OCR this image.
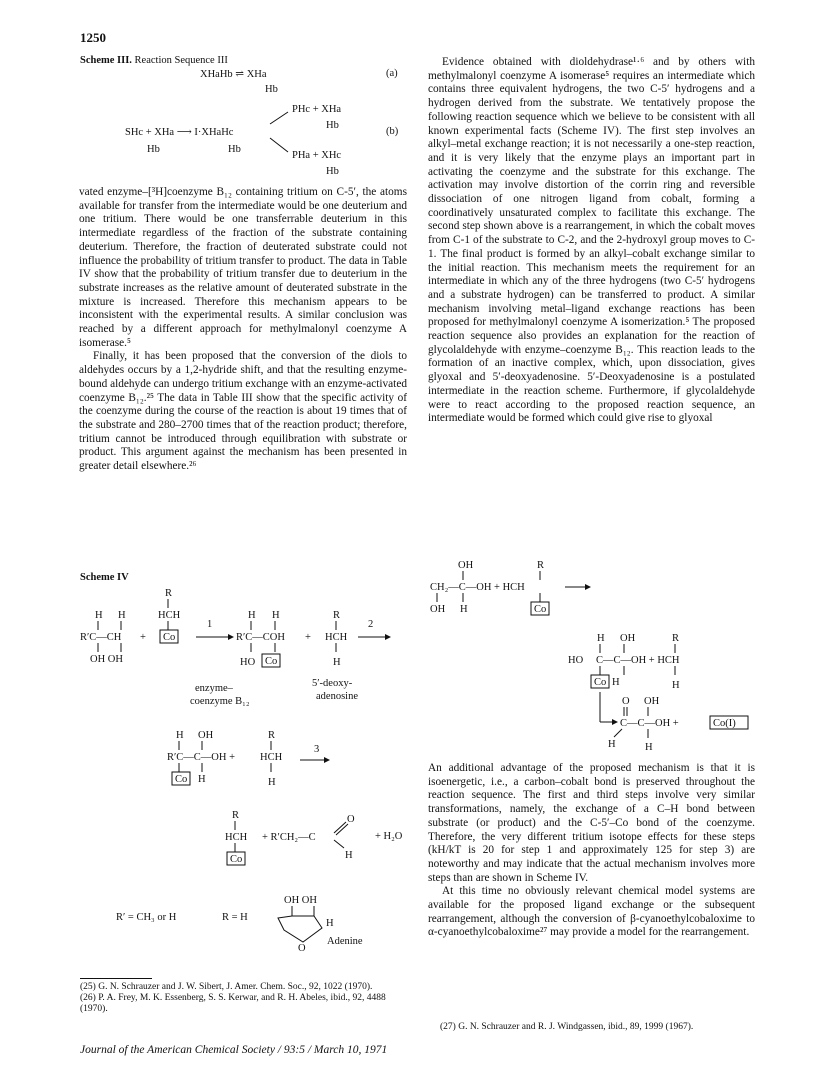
1250
Scheme III. Reaction Sequence III
XHaHb ⇌ XHa
Hb
(a)
PHc + XHa
Hb
SHc + XHa ⟶ I·XHaHc
Hb	Hb
(b)
PHa + XHc
Hb

vated enzyme–[³H]coenzyme B₁₂ containing tritium on C-5′, the atoms available for transfer from the intermediate would be one deuterium and one tritium. There would be one transferrable deuterium in this intermediate regardless of the fraction of the substrate containing deuterium. Therefore, the fraction of deuterated substrate could not influence the probability of tritium transfer to product. The data in Table IV show that the probability of tritium transfer due to deuterium in the substrate increases as the relative amount of deuterated substrate in the mixture is increased. Therefore this mechanism appears to be inconsistent with the experimental results. A similar conclusion was reached by a different approach for methylmalonyl coenzyme A isomerase.⁵

Finally, it has been proposed that the conversion of the diols to aldehydes occurs by a 1,2-hydride shift, and that the resulting enzyme-bound aldehyde can undergo tritium exchange with an enzyme-activated coenzyme B₁₂.²⁵ The data in Table III show that the specific activity of the coenzyme during the course of the reaction is about 19 times that of the substrate and 280–2700 times that of the reaction product; therefore, tritium cannot be introduced through equilibration with substrate or product. This argument against the mechanism has been presented in greater detail elsewhere.²⁶

Scheme IV
H H
R′C—CH
OH OH
+
R
HCH
Co
1
H H
R′C—COH
HO Co
+
R
HCH
H
2
H OH
R′C—C—OH +
Co H
R
HCH
H
3
R
HCH
Co
+ R′CH₂—C
O
H
OH OH
O
H
enzyme–
coenzyme B₁₂
5′-deoxy-
adenosine
R′ = CH₃ or H	R = H
Adenine
+ H₂O
(25) G. N. Schrauzer and J. W. Sibert, J. Amer. Chem. Soc., 92, 1022 (1970).
(26) P. A. Frey, M. K. Essenberg, S. S. Kerwar, and R. H. Abeles, ibid., 92, 4488 (1970).

Evidence obtained with dioldehydrase¹·⁶ and by others with methylmalonyl coenzyme A isomerase⁵ requires an intermediate which contains three equivalent hydrogens, the two C-5′ hydrogens and a hydrogen derived from the substrate. We tentatively propose the following reaction sequence which we believe to be consistent with all known experimental facts (Scheme IV). The first step involves an alkyl–metal exchange reaction; it is not necessarily a one-step reaction, and it is very likely that the enzyme plays an important part in activating the coenzyme and the substrate for this exchange. The activation may involve distortion of the corrin ring and reversible dissociation of one nitrogen ligand from cobalt, forming a coordinatively unsaturated complex to facilitate this exchange. The second step shown above is a rearrangement, in which the cobalt moves from C-1 of the substrate to C-2, and the 2-hydroxyl group moves to C-1. The final product is formed by an alkyl–cobalt exchange similar to the initial reaction. This mechanism meets the requirement for an intermediate in which any of the three hydrogens (two C-5′ hydrogens and a substrate hydrogen) can be transferred to product. A similar mechanism involving metal–ligand exchange reactions has been proposed for methylmalonyl coenzyme A isomerization.⁵ The proposed reaction sequence also provides an explanation for the reaction of glycolaldehyde with enzyme–coenzyme B₁₂. This reaction leads to the formation of an inactive complex, which, upon dissociation, gives glyoxal and 5′-deoxyadenosine. 5′-Deoxyadenosine is a postulated intermediate in the reaction scheme. Furthermore, if glycolaldehyde were to react according to the proposed reaction sequence, an intermediate would be formed which could give rise to glyoxal

OH	R
CH₂—C—OH + HCH
OH H	Co
H OH	R
HO C—C—OH + HCH
Co H	H
O OH
C—C—OH +	Co(I)
H	H

An additional advantage of the proposed mechanism is that it is isoenergetic, i.e., a carbon–cobalt bond is preserved throughout the reaction sequence. The first and third steps involve very similar transformations, namely, the exchange of a C–H bond between substrate (or product) and the C-5′–Co bond of the coenzyme. Therefore, the very different tritium isotope effects for these steps (kH/kT is 20 for step 1 and approximately 125 for step 3) are noteworthy and may indicate that the actual mechanism involves more steps than are shown in Scheme IV.

At this time no obviously relevant chemical model systems are available for the proposed ligand exchange or the subsequent rearrangement, although the conversion of β-cyanoethylcobaloxime to α-cyanoethylcobaloxime²⁷ may provide a model for the rearrangement.

(27) G. N. Schrauzer and R. J. Windgassen, ibid., 89, 1999 (1967).
Journal of the American Chemical Society / 93:5 / March 10, 1971
